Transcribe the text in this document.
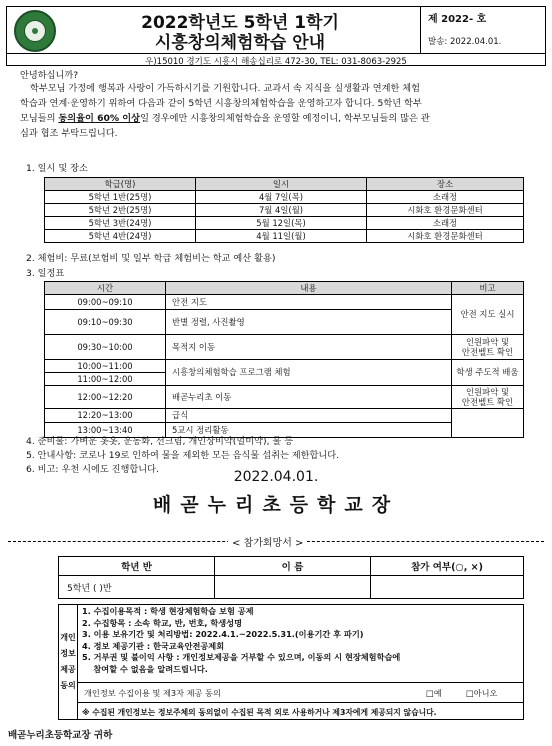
2022학년도 5학년 1학기
시흥창의체험학습 안내
제 2022- 호
발송: 2022.04.01.
우)15010 경기도 시흥시 해송십리로 472-30, TEL: 031-8063-2925
안녕하십니까?
학부모님 가정에 행복과 사랑이 가득하시기를 기원합니다. 교과서 속 지식을 실생활과 연계한 체험
학습과 연계·운영하기 위하여 다음과 같이 5학년 시흥창의체험학습을 운영하고자 합니다. 5학년 학부
모님들의 동의율이 60% 이상일 경우에만 시흥창의체험학습을 운영할 예정이니, 학부모님들의 많은 관
심과 협조 부탁드립니다.
1. 일시 및 장소
학급(명)	일시	장소
5학년 1반(25명)	4월 7일(목)	소래정
5학년 2반(25명)	7월 4일(월)	시화호 환경문화센터
5학년 3반(24명)	5월 12일(목)	소래정
5학년 4반(24명)	4월 11일(월)	시화호 환경문화센터
2. 체험비: 무료(보험비 및 일부 학급 체험비는 학교 예산 활용)
3. 일정표
시간	내용	비고
09:00~09:10	안전 지도	안전 지도 실시
09:10~09:30	반별 정렬, 사진촬영	
09:30~10:00	목적지 이동	인원파악 및
안전벨트 확인
10:00~11:00	시흥창의체험학습 프로그램 체험	학생 주도적 배움
11:00~12:00		
12:00~12:20	배곧누리초 이동	인원파악 및
안전벨트 확인
12:20~13:00	급식	
13:00~13:40	5교시 정리활동	
4. 준비물: 가벼운 옷옷, 운동화, 선크림, 개인상비약(멀미약), 물 등
5. 안내사항: 코로나 19로 인하여 물을 제외한 모든 음식물 섭취는 제한합니다.
6. 비고: 우천 시에도 진행합니다.	2022.04.01.
배곧누리초등학교장
< 참가회망서 >
학년 반	이 름	참가 여부(○, ×)
5학년 ( )반		
개인정보제공동의
1. 수집이용목적 : 학생 현장체험학습 보험 공제
2. 수집항목 : 소속 학교, 반, 번호, 학생성명
3. 이용 보유기간 및 처리방법: 2022.4.1.~2022.5.31.(이용기간 후 파기)
4. 정보 제공기관 : 한국교육안전공제회
5. 거부권 및 불이익 사항 : 개인정보제공을 거부할 수 있으며, 이동의 시 현장체험학습에
참여할 수 없음을 알려드립니다.
개인정보 수집이용 및 제3자 제공 동의	□예	□아니오
※ 수집된 개인정보는 정보주체의 동의없이 수집된 목적 외로 사용하거나 제3자에게 제공되지 않습니다.
배곧누리초등학교장 귀하
